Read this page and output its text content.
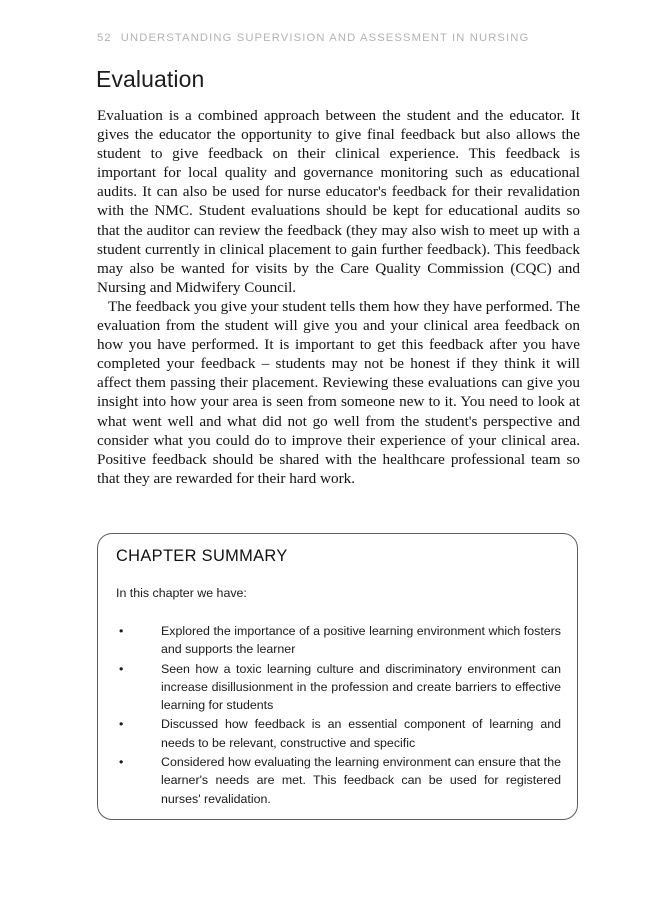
52 UNDERSTANDING SUPERVISION AND ASSESSMENT IN NURSING
Evaluation

Evaluation is a combined approach between the student and the educator. It gives the educator the opportunity to give final feedback but also allows the student to give feedback on their clinical experience. This feedback is important for local quality and governance monitoring such as educational audits. It can also be used for nurse educator's feedback for their revalidation with the NMC. Student evaluations should be kept for educational audits so that the auditor can review the feedback (they may also wish to meet up with a student currently in clinical placement to gain further feedback). This feedback may also be wanted for visits by the Care Quality Commission (CQC) and Nursing and Midwifery Council.

The feedback you give your student tells them how they have performed. The evaluation from the student will give you and your clinical area feedback on how you have performed. It is important to get this feedback after you have completed your feedback – students may not be honest if they think it will affect them passing their placement. Reviewing these evaluations can give you insight into how your area is seen from someone new to it. You need to look at what went well and what did not go well from the student's perspective and consider what you could do to improve their experience of your clinical area. Positive feedback should be shared with the healthcare professional team so that they are rewarded for their hard work.

CHAPTER SUMMARY

In this chapter we have:

•	Explored the importance of a positive learning environment which fosters and supports the learner
•	Seen how a toxic learning culture and discriminatory environment can increase disillusionment in the profession and create barriers to effective learning for students
•	Discussed how feedback is an essential component of learning and needs to be relevant, constructive and specific
•	Considered how evaluating the learning environment can ensure that the learner's needs are met. This feedback can be used for registered nurses' revalidation.
